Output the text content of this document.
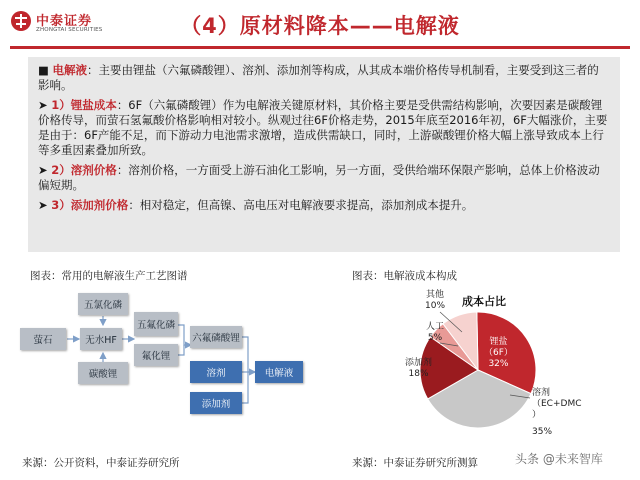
中泰证券
ZHONGTAI SECURITIES	（4）原材料降本——电解液
■ 电解液：主要由锂盐（六氟磷酸锂）、溶剂、添加剂等构成，从其成本端价格传导机制看，主要受到这三者的影响。
➤ 1）锂盐成本：6F（六氟磷酸锂）作为电解液关键原材料，其价格主要是受供需结构影响，次要因素是碳酸锂价格传导，而萤石氢氟酸价格影响相对较小。纵观过往6F价格走势，2015年底至2016年初，6F大幅涨价，主要是由于：6F产能不足，而下游动力电池需求激增，造成供需缺口，同时，上游碳酸锂价格大幅上涨导致成本上行等多重因素叠加所致。
➤ 2）溶剂价格：溶剂价格，一方面受上游石油化工影响，另一方面，受供给端环保限产影响，总体上价格波动偏短期。
➤ 3）添加剂价格：相对稳定，但高镍、高电压对电解液要求提高，添加剂成本提升。
图表：常用的电解液生产工艺图谱
萤石	无水HF
五氯化磷
碳酸锂
五氟化磷
氟化锂
六氟磷酸锂
溶剂
添加剂
电解液
来源：公开资料，中泰证券研究所
图表：电解液成本构成
成本占比
其他
10%
人工
5%
添加剂
18%
锂盐
（6F）
32%
溶剂
（EC+DMC
）
35%
来源：中泰证券研究所测算	头条 @未来智库
